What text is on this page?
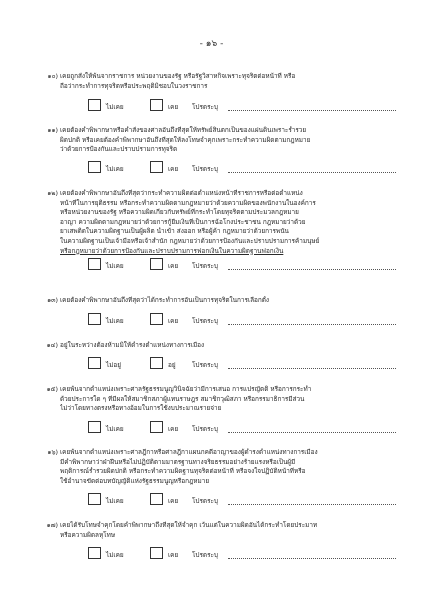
- ๑๖ -
๑๐) เคยถูกสั่งให้พ้นจากราชการ หน่วยงานของรัฐ หรือรัฐวิสาหกิจเพราะทุจริตต่อหน้าที่ หรือ
ถือว่ากระทำการทุจริตหรือประพฤติมิชอบในวงราชการ
ไม่เคย	เคย โปรดระบุ
๑๑) เคยต้องคำพิพากษาหรือคำสั่งของศาลอันถึงที่สุดให้ทรัพย์สินตกเป็นของแผ่นดินเพราะร่ำรวย
ผิดปกติ หรือเคยต้องคำพิพากษาอันถึงที่สุดให้ลงโทษจำคุกเพราะกระทำความผิดตามกฎหมาย
ว่าด้วยการป้องกันและปราบปรามการทุจริต
ไม่เคย	เคย โปรดระบุ
๑๒) เคยต้องคำพิพากษาอันถึงที่สุดว่ากระทำความผิดต่อตำแหน่งหน้าที่ราชการหรือต่อตำแหน่ง
หน้าที่ในการยุติธรรม หรือกระทำความผิดตามกฎหมายว่าด้วยความผิดของพนักงานในองค์การ
หรือหน่วยงานของรัฐ หรือความผิดเกี่ยวกับทรัพย์ที่กระทำโดยทุจริตตามประมวลกฎหมาย
อาญา ความผิดตามกฎหมายว่าด้วยการกู้ยืมเงินที่เป็นการฉ้อโกงประชาชน กฎหมายว่าด้วย
ยาเสพติดในความผิดฐานเป็นผู้ผลิต นำเข้า ส่งออก หรือผู้ค้า กฎหมายว่าด้วยการพนัน
ในความผิดฐานเป็นเจ้ามือหรือเจ้าสำนัก กฎหมายว่าด้วยการป้องกันและปราบปรามการค้ามนุษย์
หรือกฎหมายว่าด้วยการป้องกันและปราบปรามการฟอกเงินในความผิดฐานฟอกเงิน
ไม่เคย	เคย โปรดระบุ
๑๓) เคยต้องคำพิพากษาอันถึงที่สุดว่าได้กระทำการอันเป็นการทุจริตในการเลือกตั้ง
ไม่เคย	เคย โปรดระบุ
๑๔) อยู่ในระหว่างต้องห้ามมิให้ดำรงตำแหน่งทางการเมือง
ไม่อยู่	อยู่	โปรดระบุ
๑๕) เคยพ้นจากตำแหน่งเพราะศาลรัฐธรรมนูญวินิจฉัยว่ามีการเสนอ การแปรญัตติ หรือการกระทำ
ด้วยประการใด ๆ ที่มีผลให้สมาชิกสภาผู้แทนราษฎร สมาชิกวุฒิสภา หรือกรรมาธิการมีส่วน
ไม่ว่าโดยทางตรงหรือทางอ้อมในการใช้งบประมาณรายจ่าย
ไม่เคย	เคย โปรดระบุ
๑๖) เคยพ้นจากตำแหน่งเพราะศาลฎีกาหรือศาลฎีกาแผนกคดีอาญาของผู้ดำรงตำแหน่งทางการเมือง
มีคำพิพากษาว่าฝ่าฝืนหรือไม่ปฏิบัติตามมาตรฐานทางจริยธรรมอย่างร้ายแรงหรือเป็นผู้มี
พฤติการณ์ร่ำรวยผิดปกติ หรือกระทำความผิดฐานทุจริตต่อหน้าที่ หรือจงใจปฏิบัติหน้าที่หรือ
ใช้อำนาจขัดต่อบทบัญญัติแห่งรัฐธรรมนูญหรือกฎหมาย
ไม่เคย	เคย โปรดระบุ
๑๗) เคยได้รับโทษจำคุกโดยคำพิพากษาถึงที่สุดให้จำคุก เว้นแต่ในความผิดอันได้กระทำโดยประมาท
หรือความผิดลหุโทษ
ไม่เคย	เคย โปรดระบุ
